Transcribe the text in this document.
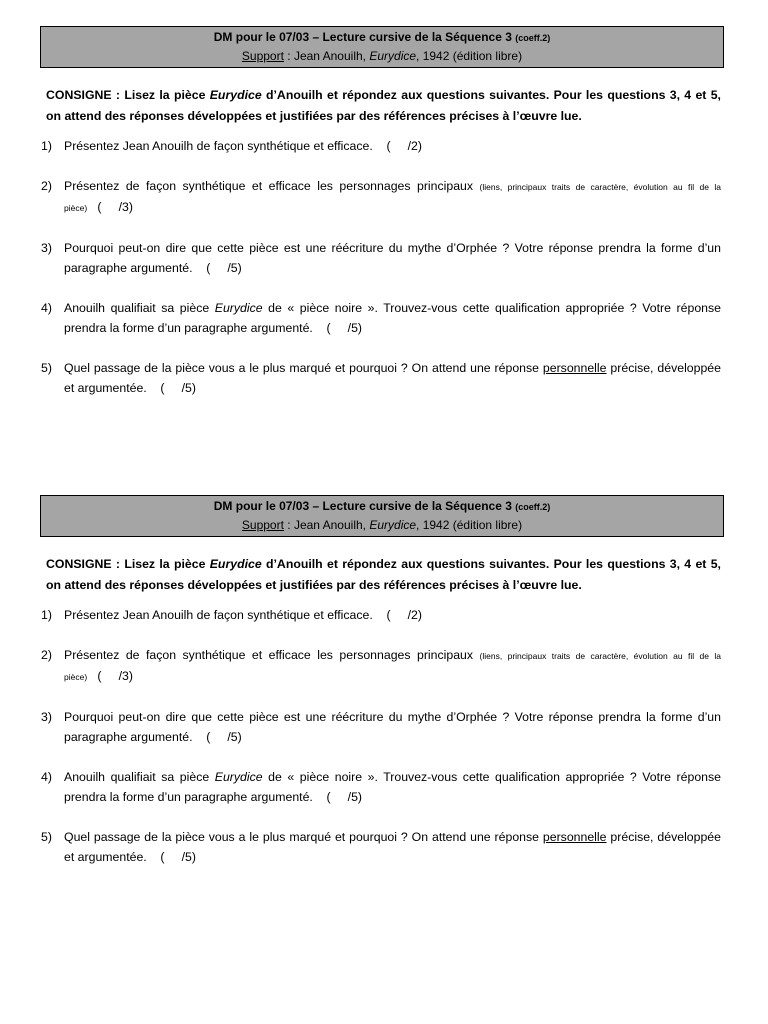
DM pour le 07/03 – Lecture cursive de la Séquence 3 (coeff.2)
Support : Jean Anouilh, Eurydice, 1942 (édition libre)
CONSIGNE : Lisez la pièce Eurydice d’Anouilh et répondez aux questions suivantes. Pour les questions 3, 4 et 5, on attend des réponses développées et justifiées par des références précises à l’œuvre lue.
1) Présentez Jean Anouilh de façon synthétique et efficace. (     /2)
2) Présentez de façon synthétique et efficace les personnages principaux (liens, principaux traits de caractère, évolution au fil de la pièce) (     /3)
3) Pourquoi peut-on dire que cette pièce est une réécriture du mythe d’Orphée ? Votre réponse prendra la forme d’un paragraphe argumenté. (     /5)
4) Anouilh qualifiait sa pièce Eurydice de « pièce noire ». Trouvez-vous cette qualification appropriée ? Votre réponse prendra la forme d’un paragraphe argumenté. (     /5)
5) Quel passage de la pièce vous a le plus marqué et pourquoi ? On attend une réponse personnelle précise, développée et argumentée. (     /5)
DM pour le 07/03 – Lecture cursive de la Séquence 3 (coeff.2)
Support : Jean Anouilh, Eurydice, 1942 (édition libre)
CONSIGNE : Lisez la pièce Eurydice d’Anouilh et répondez aux questions suivantes. Pour les questions 3, 4 et 5, on attend des réponses développées et justifiées par des références précises à l’œuvre lue.
1) Présentez Jean Anouilh de façon synthétique et efficace. (     /2)
2) Présentez de façon synthétique et efficace les personnages principaux (liens, principaux traits de caractère, évolution au fil de la pièce) (     /3)
3) Pourquoi peut-on dire que cette pièce est une réécriture du mythe d’Orphée ? Votre réponse prendra la forme d’un paragraphe argumenté. (     /5)
4) Anouilh qualifiait sa pièce Eurydice de « pièce noire ». Trouvez-vous cette qualification appropriée ? Votre réponse prendra la forme d’un paragraphe argumenté. (     /5)
5) Quel passage de la pièce vous a le plus marqué et pourquoi ? On attend une réponse personnelle précise, développée et argumentée. (     /5)
